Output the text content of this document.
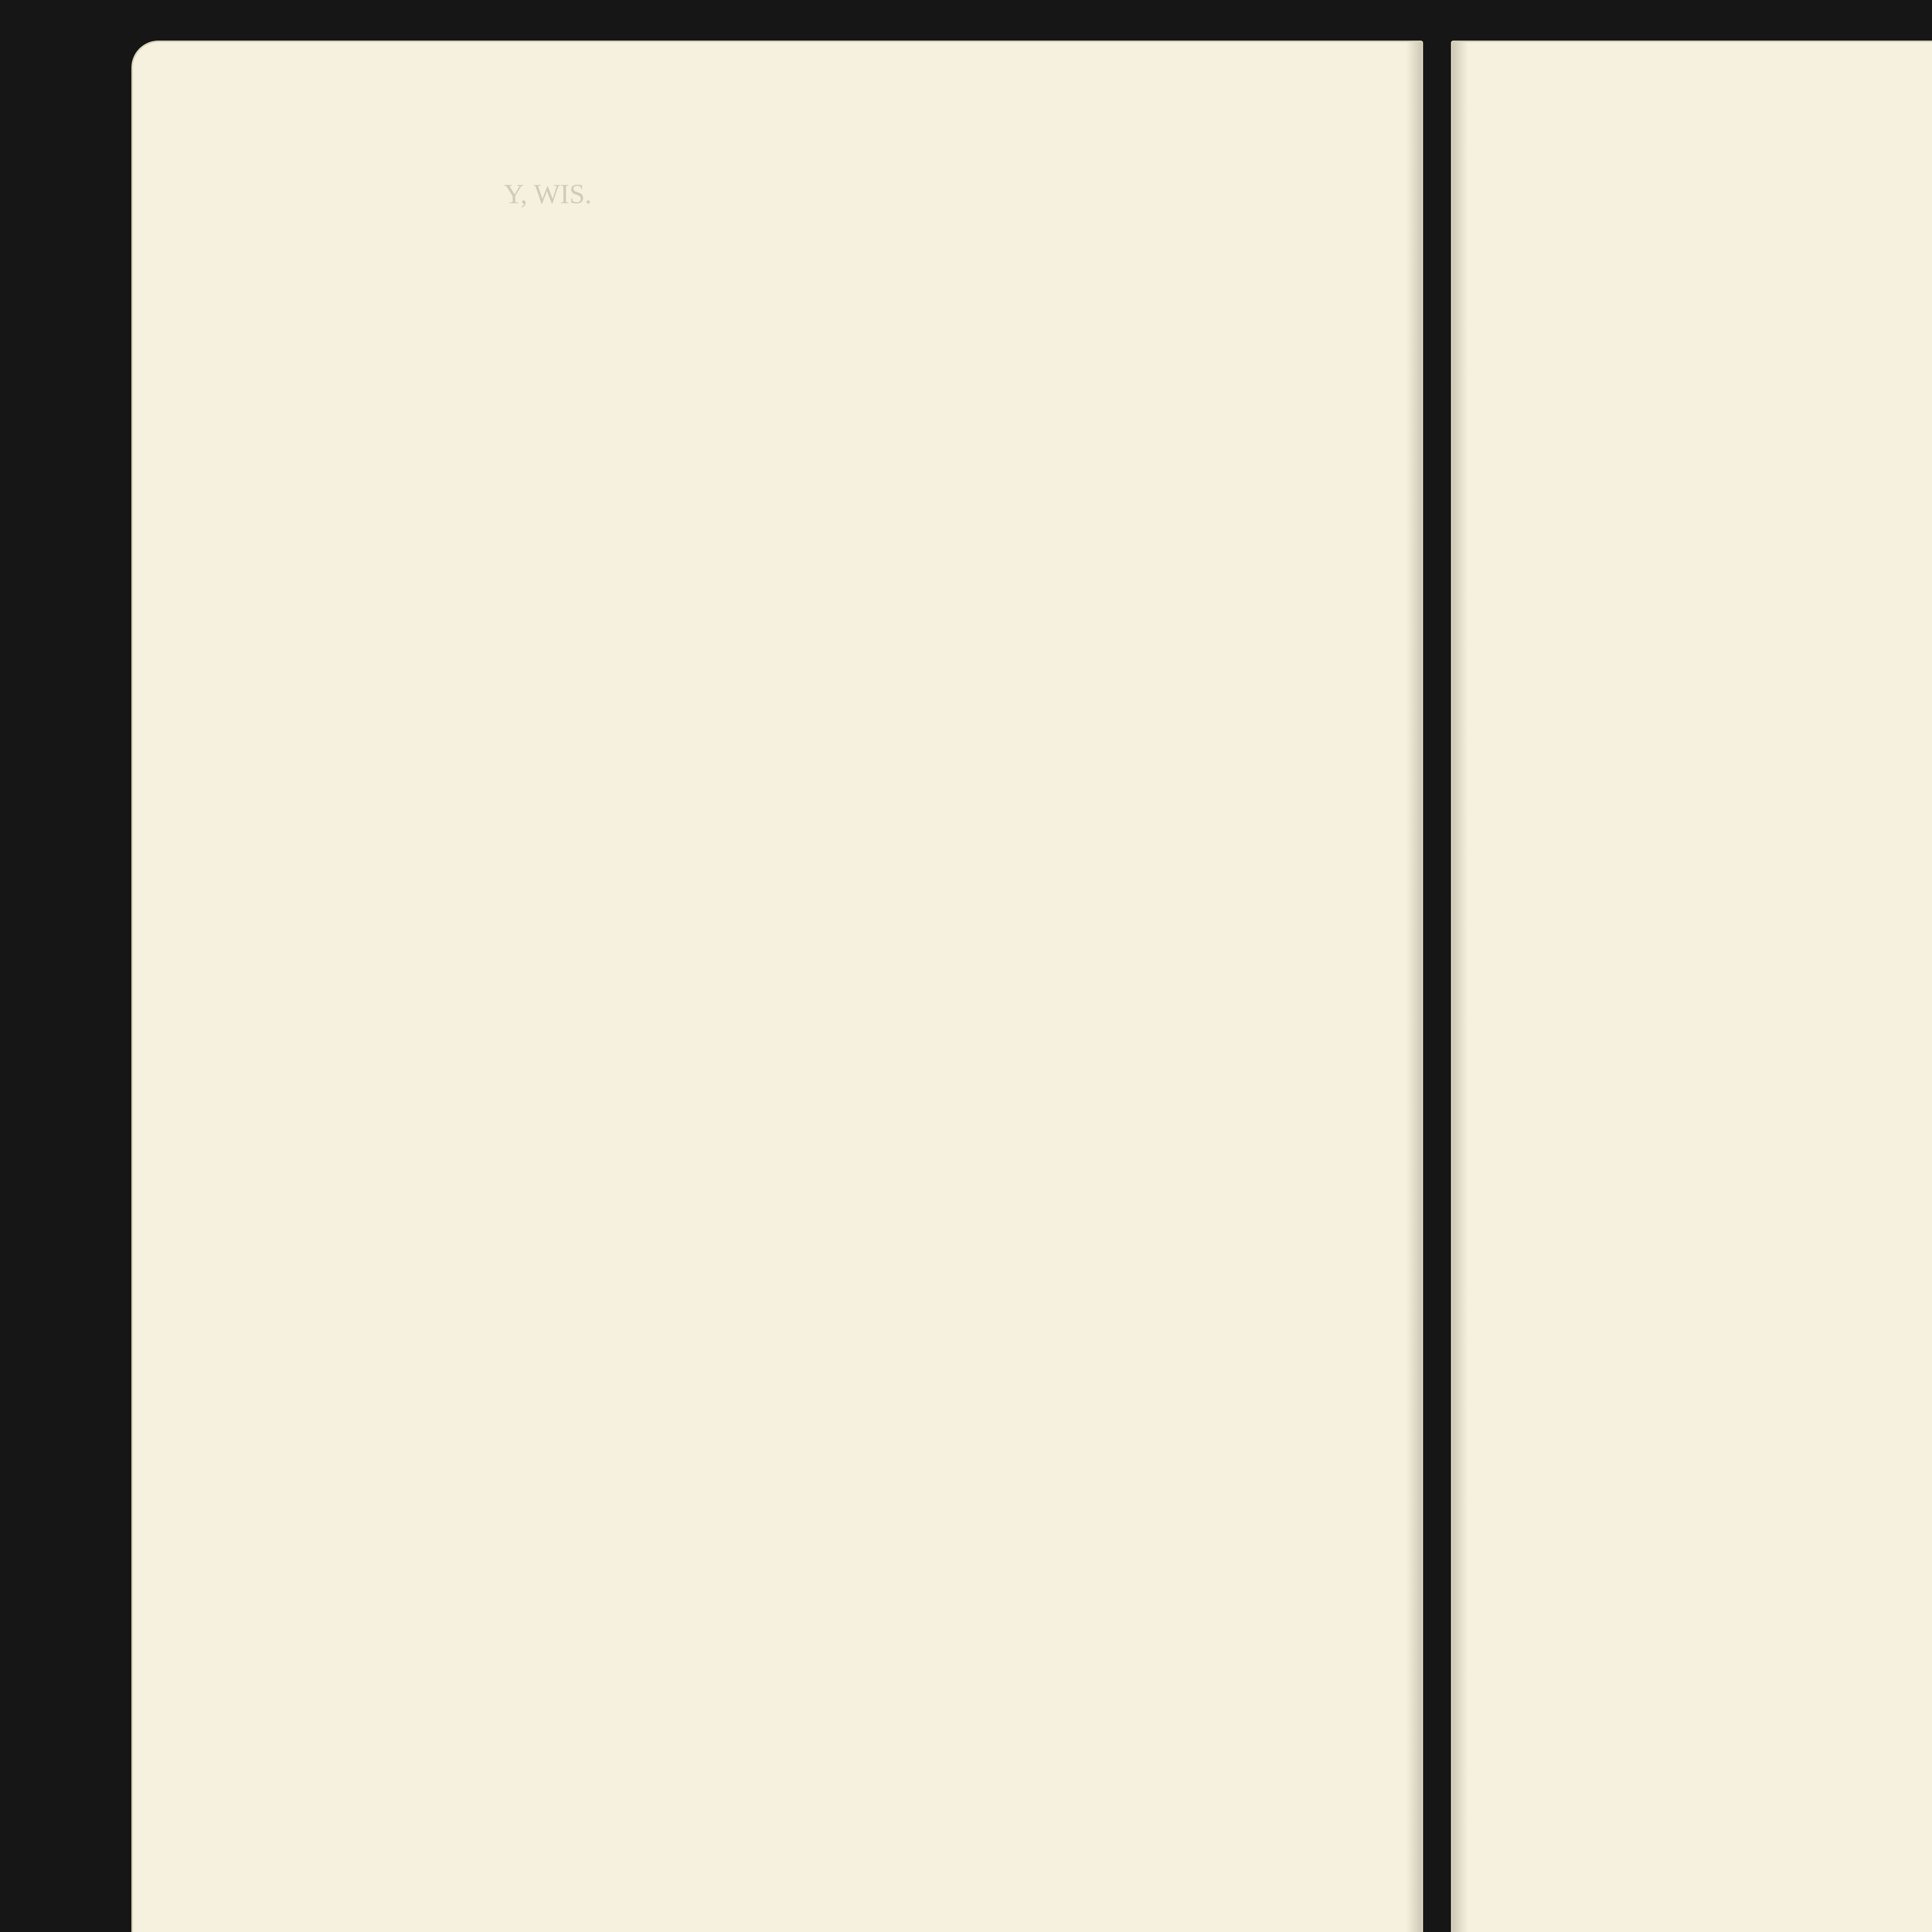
Y, WIS.
